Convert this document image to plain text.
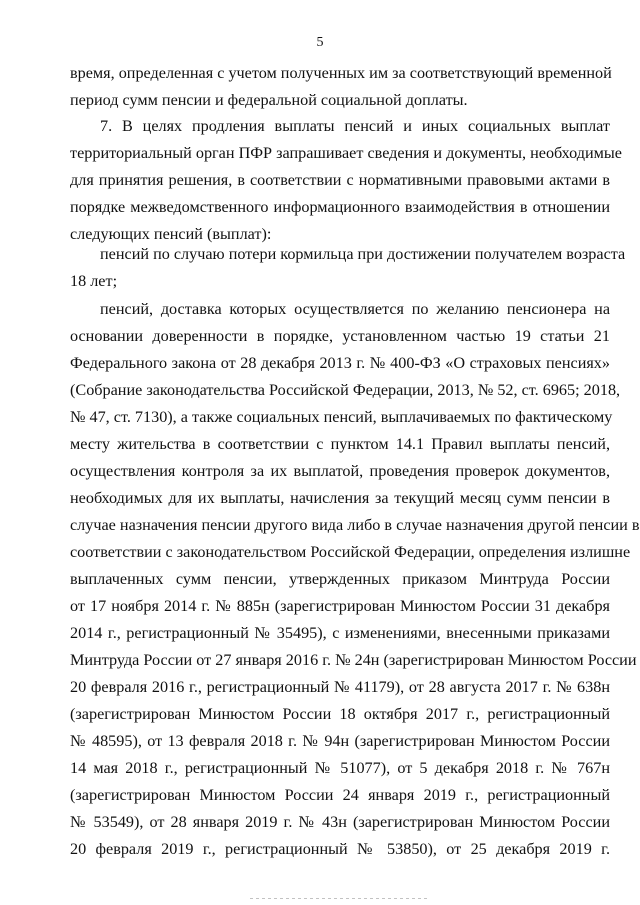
5
время, определенная с учетом полученных им за соответствующий временной
период сумм пенсии и федеральной социальной доплаты.
7. В целях продления выплаты пенсий и иных социальных выплат
территориальный орган ПФР запрашивает сведения и документы, необходимые
для принятия решения, в соответствии с нормативными правовыми актами в
порядке межведомственного информационного взаимодействия в отношении
следующих пенсий (выплат):
пенсий по случаю потери кормильца при достижении получателем возраста
18 лет;
пенсий, доставка которых осуществляется по желанию пенсионера на
основании доверенности в порядке, установленном частью 19 статьи 21
Федерального закона от 28 декабря 2013 г. № 400-ФЗ «О страховых пенсиях»
(Собрание законодательства Российской Федерации, 2013, № 52, ст. 6965; 2018,
№ 47, ст. 7130), а также социальных пенсий, выплачиваемых по фактическому
месту жительства в соответствии с пунктом 14.1 Правил выплаты пенсий,
осуществления контроля за их выплатой, проведения проверок документов,
необходимых для их выплаты, начисления за текущий месяц сумм пенсии в
случае назначения пенсии другого вида либо в случае назначения другой пенсии в
соответствии с законодательством Российской Федерации, определения излишне
выплаченных сумм пенсии, утвержденных приказом Минтруда России
от 17 ноября 2014 г. № 885н (зарегистрирован Минюстом России 31 декабря
2014 г., регистрационный № 35495), с изменениями, внесенными приказами
Минтруда России от 27 января 2016 г. № 24н (зарегистрирован Минюстом России
20 февраля 2016 г., регистрационный № 41179), от 28 августа 2017 г. № 638н
(зарегистрирован Минюстом России 18 октября 2017 г., регистрационный
№ 48595), от 13 февраля 2018 г. № 94н (зарегистрирован Минюстом России
14 мая 2018 г., регистрационный № 51077), от 5 декабря 2018 г. № 767н
(зарегистрирован Минюстом России 24 января 2019 г., регистрационный
№ 53549), от 28 января 2019 г. № 43н (зарегистрирован Минюстом России
20 февраля 2019 г., регистрационный № 53850), от 25 декабря 2019 г.
